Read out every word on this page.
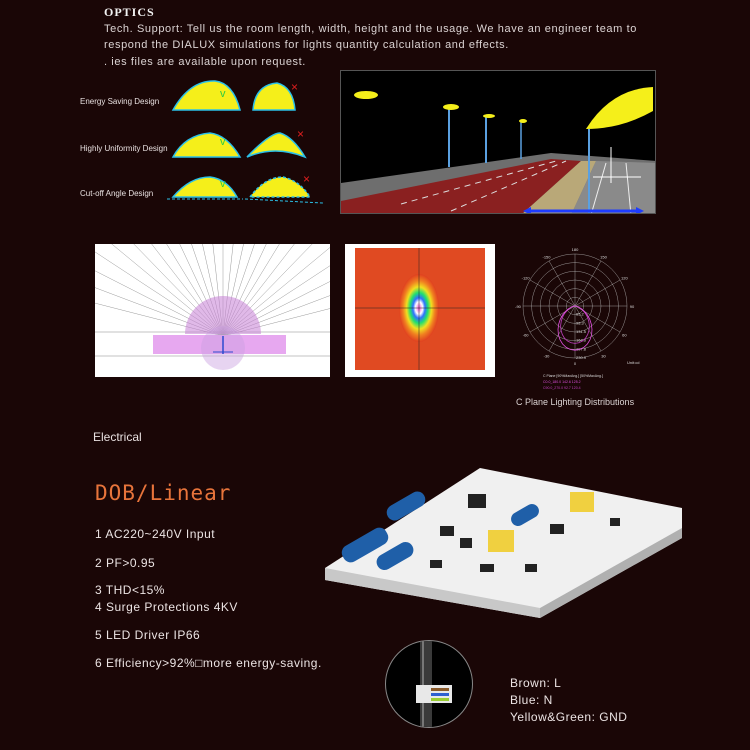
OPTICS
Tech. Support: Tell us the room length, width, height and the usage. We have an engineer team to respond the DIALUX simulations for lights quantity calculation and effects.
. ies files are available upon request.
Energy Saving Design
Highly Uniformity Design
Cut-off Angle Design
v	×
v
×
v	×
180
150
120
90
60
30
0
-30
-60
-90
-120
-150
65.2
98.3
131.5
164.6
197.8
230.9
Unit:cd
C Plane [90%MaxAng.] [50%MaxAng.]
C0.0_180.0 142.6 125.2
C90.0_270.0 92.7 120.4
C Plane Lighting Distributions
Electrical
DOB/Linear
1 AC220~240V Input
2 PF>0.95
3 THD<15%
4 Surge Protections 4KV
5 LED Driver IP66
6 Efficiency>92%□more energy-saving.
Brown: L
Blue: N
Yellow&Green: GND
